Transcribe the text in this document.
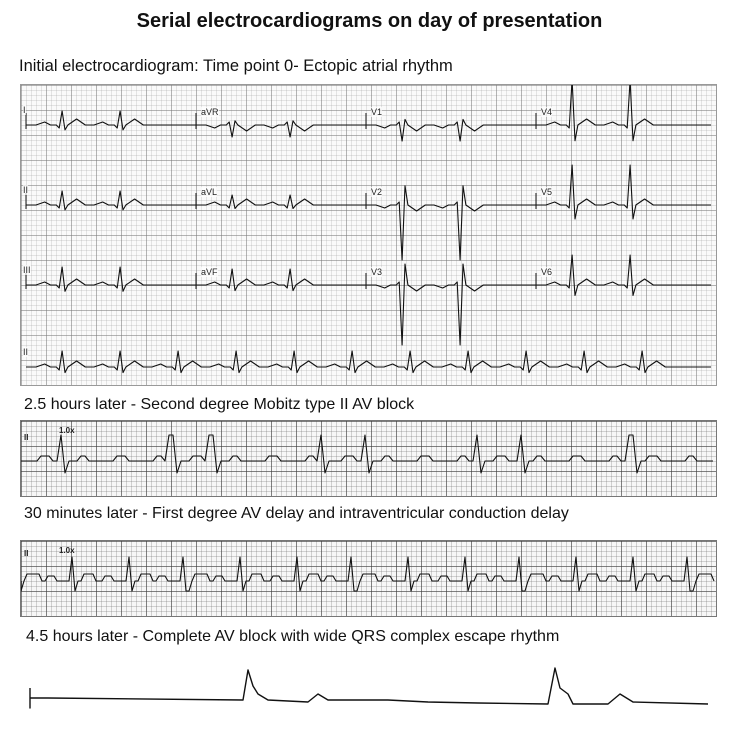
Serial electrocardiograms on day of presentation
Initial electrocardiogram: Time point 0- Ectopic atrial rhythm
I	aVR	V1	V4
II	aVL	V2	V5
III	aVF	V3	V6
II
2.5 hours later - Second degree Mobitz type II AV block
II
1.0x
30 minutes later - First degree AV delay and intraventricular conduction delay
II	1.0x
4.5 hours later - Complete AV block with wide QRS complex escape rhythm
